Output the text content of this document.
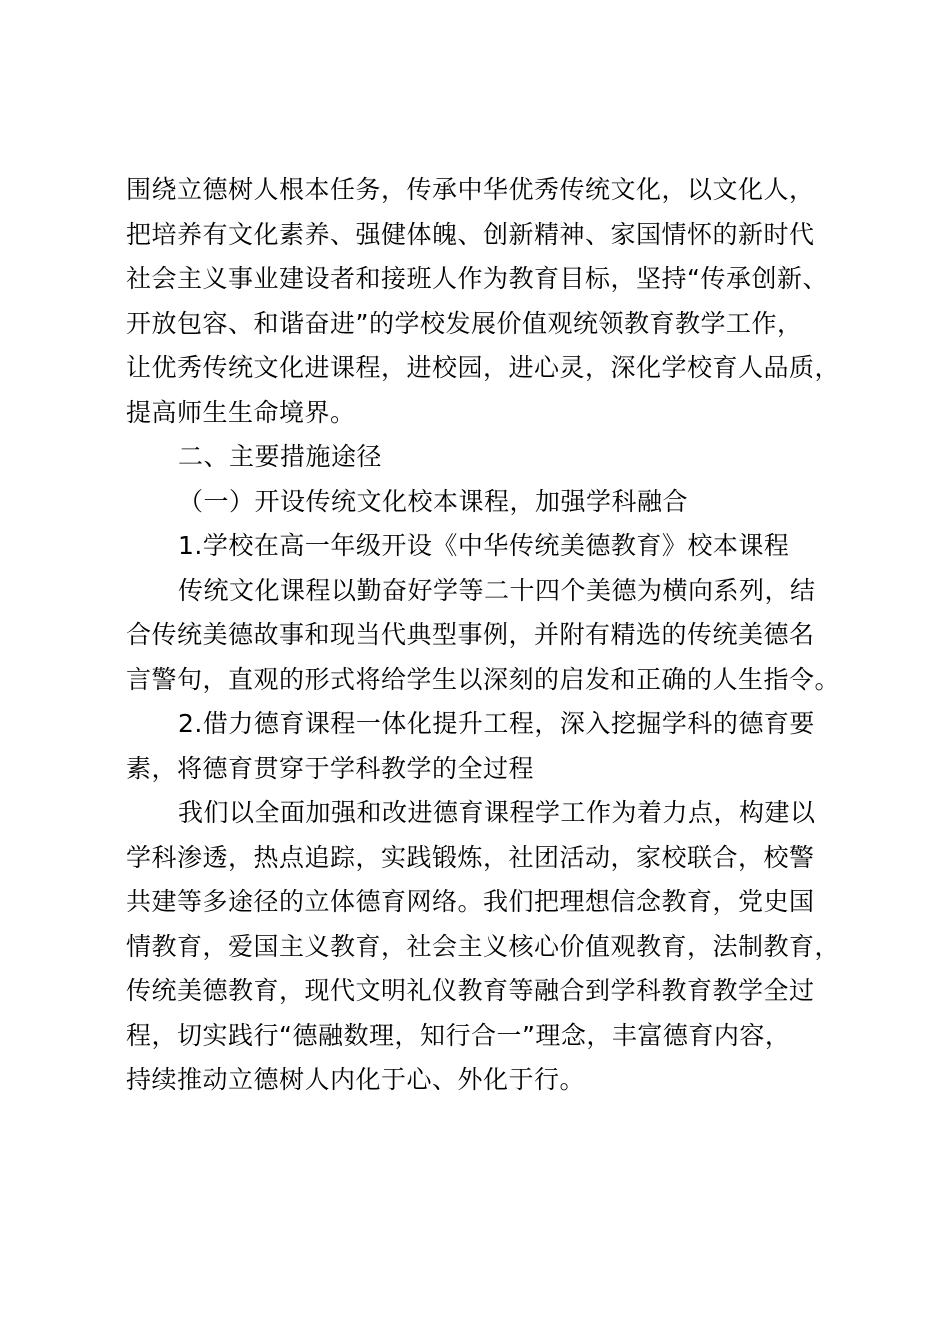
围绕立德树人根本任务，传承中华优秀传统文化，以文化人，
把培养有文化素养、强健体魄、创新精神、家国情怀的新时代
社会主义事业建设者和接班人作为教育目标，坚持“传承创新、
开放包容、和谐奋进”的学校发展价值观统领教育教学工作，
让优秀传统文化进课程，进校园，进心灵，深化学校育人品质，
提高师生生命境界。
二、主要措施途径
（一）开设传统文化校本课程，加强学科融合
1.学校在高一年级开设《中华传统美德教育》校本课程
传统文化课程以勤奋好学等二十四个美德为横向系列，结
合传统美德故事和现当代典型事例，并附有精选的传统美德名
言警句，直观的形式将给学生以深刻的启发和正确的人生指令。
2.借力德育课程一体化提升工程，深入挖掘学科的德育要
素，将德育贯穿于学科教学的全过程
我们以全面加强和改进德育课程学工作为着力点，构建以
学科渗透，热点追踪，实践锻炼，社团活动，家校联合，校警
共建等多途径的立体德育网络。我们把理想信念教育，党史国
情教育，爱国主义教育，社会主义核心价值观教育，法制教育，
传统美德教育，现代文明礼仪教育等融合到学科教育教学全过
程，切实践行“德融数理，知行合一”理念，丰富德育内容，
持续推动立德树人内化于心、外化于行。
